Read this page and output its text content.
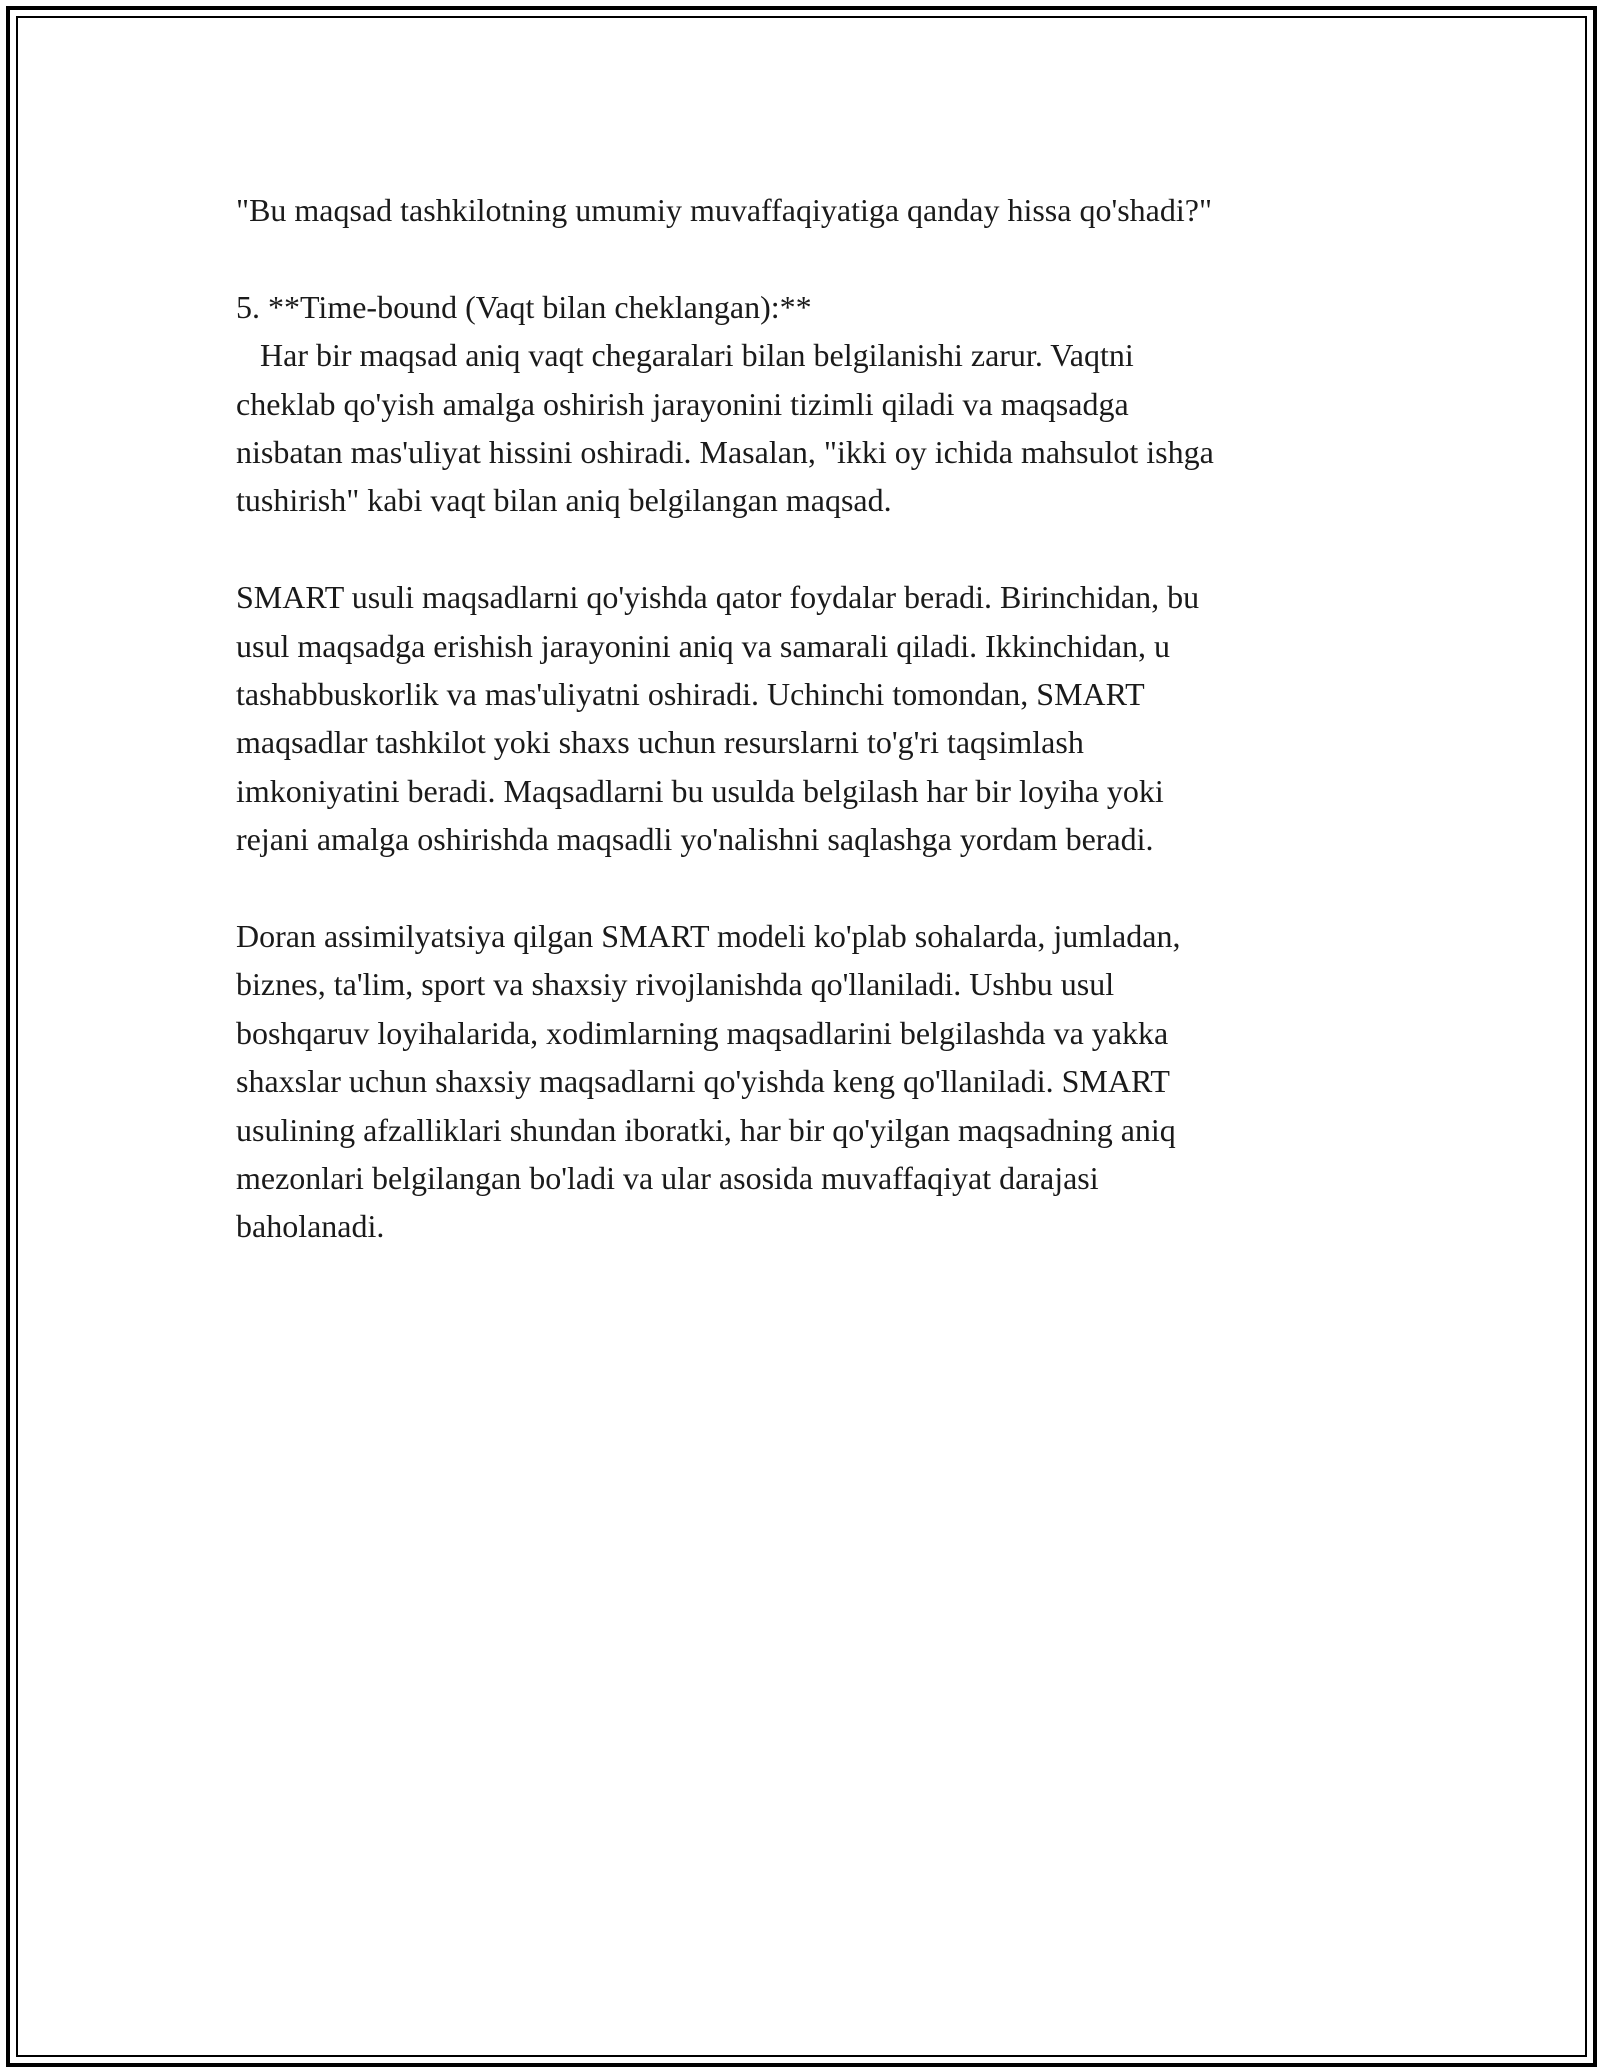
"Bu maqsad tashkilotning umumiy muvaffaqiyatiga qanday hissa qo'shadi?"

5. **Time-bound (Vaqt bilan cheklangan):**
Har bir maqsad aniq vaqt chegaralari bilan belgilanishi zarur. Vaqtni
cheklab qo'yish amalga oshirish jarayonini tizimli qiladi va maqsadga
nisbatan mas'uliyat hissini oshiradi. Masalan, "ikki oy ichida mahsulot ishga
tushirish" kabi vaqt bilan aniq belgilangan maqsad.

SMART usuli maqsadlarni qo'yishda qator foydalar beradi. Birinchidan, bu
usul maqsadga erishish jarayonini aniq va samarali qiladi. Ikkinchidan, u
tashabbuskorlik va mas'uliyatni oshiradi. Uchinchi tomondan, SMART
maqsadlar tashkilot yoki shaxs uchun resurslarni to'g'ri taqsimlash
imkoniyatini beradi. Maqsadlarni bu usulda belgilash har bir loyiha yoki
rejani amalga oshirishda maqsadli yo'nalishni saqlashga yordam beradi.

Doran assimilyatsiya qilgan SMART modeli ko'plab sohalarda, jumladan,
biznes, ta'lim, sport va shaxsiy rivojlanishda qo'llaniladi. Ushbu usul
boshqaruv loyihalarida, xodimlarning maqsadlarini belgilashda va yakka
shaxslar uchun shaxsiy maqsadlarni qo'yishda keng qo'llaniladi. SMART
usulining afzalliklari shundan iboratki, har bir qo'yilgan maqsadning aniq
mezonlari belgilangan bo'ladi va ular asosida muvaffaqiyat darajasi
baholanadi.
